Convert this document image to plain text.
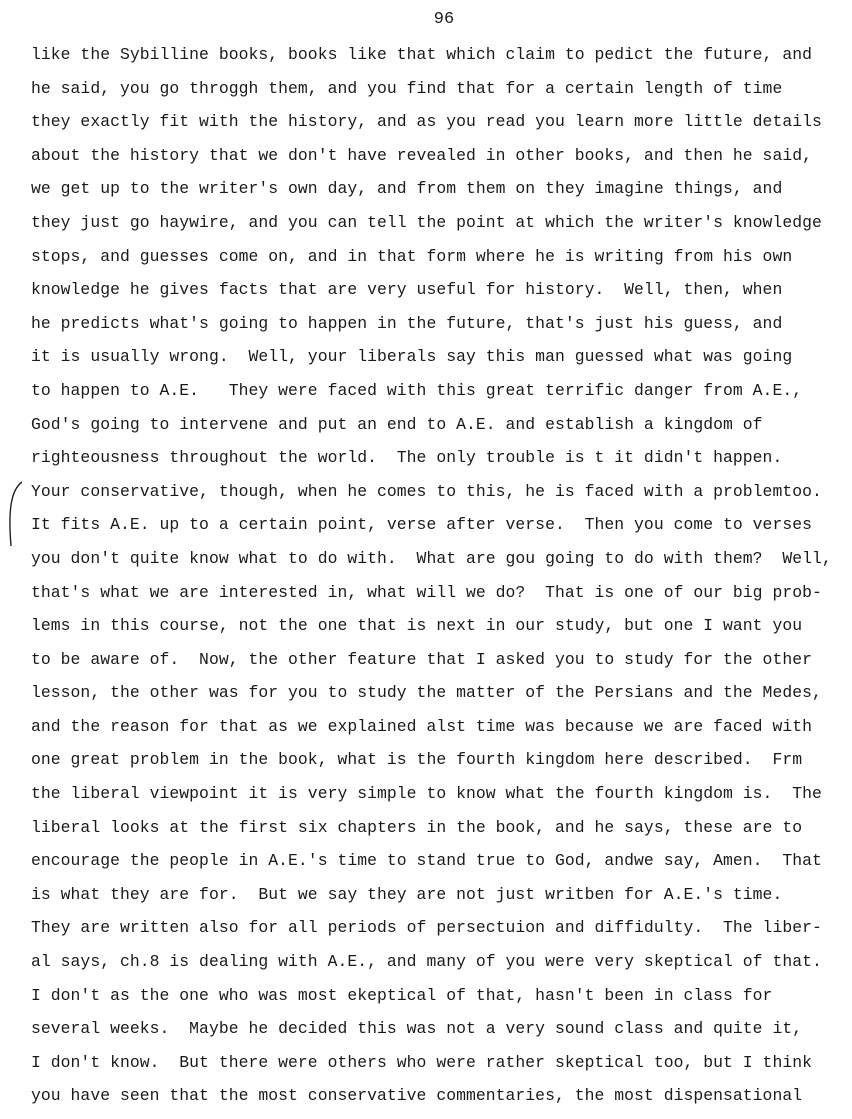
96
like the Sybilline books, books like that which claim to pedict the future, and
he said, you go throggh them, and you find that for a certain length of time
they exactly fit with the history, and as you read you learn more little details
about the history that we don't have revealed in other books, and then he said,
we get up to the writer's own day, and from them on they imagine things, and
they just go haywire, and you can tell the point at which the writer's knowledge
stops, and guesses come on, and in that form where he is writing from his own
knowledge he gives facts that are very useful for history.  Well, then, when
he predicts what's going to happen in the future, that's just his guess, and
it is usually wrong.  Well, your liberals say this man guessed what was going
to happen to A.E.   They were faced with this great terrific danger from A.E.,
God's going to intervene and put an end to A.E. and establish a kingdom of
righteousness throughout the world.  The only trouble is t it didn't happen.
Your conservative, though, when he comes to this, he is faced with a problemtoo.
It fits A.E. up to a certain point, verse after verse.  Then you come to verses
you don't quite know what to do with.  What are gou going to do with them?  Well,
that's what we are interested in, what will we do?  That is one of our big prob-
lems in this course, not the one that is next in our study, but one I want you
to be aware of.  Now, the other feature that I asked you to study for the other
lesson, the other was for you to study the matter of the Persians and the Medes,
and the reason for that as we explained alst time was because we are faced with
one great problem in the book, what is the fourth kingdom here described.  Frm
the liberal viewpoint it is very simple to know what the fourth kingdom is.  The
liberal looks at the first six chapters in the book, and he says, these are to
encourage the people in A.E.'s time to stand true to God, andwe say, Amen.  That
is what they are for.  But we say they are not just writben for A.E.'s time.
They are written also for all periods of persectuion and diffidulty.  The liber-
al says, ch.8 is dealing with A.E., and many of you were very skeptical of that.
I don't as the one who was most ekeptical of that, hasn't been in class for
several weeks.  Maybe he decided this was not a very sound class and quite it,
I don't know.  But there were others who were rather skeptical too, but I think
you have seen that the most conservative commentaries, the most dispensational
